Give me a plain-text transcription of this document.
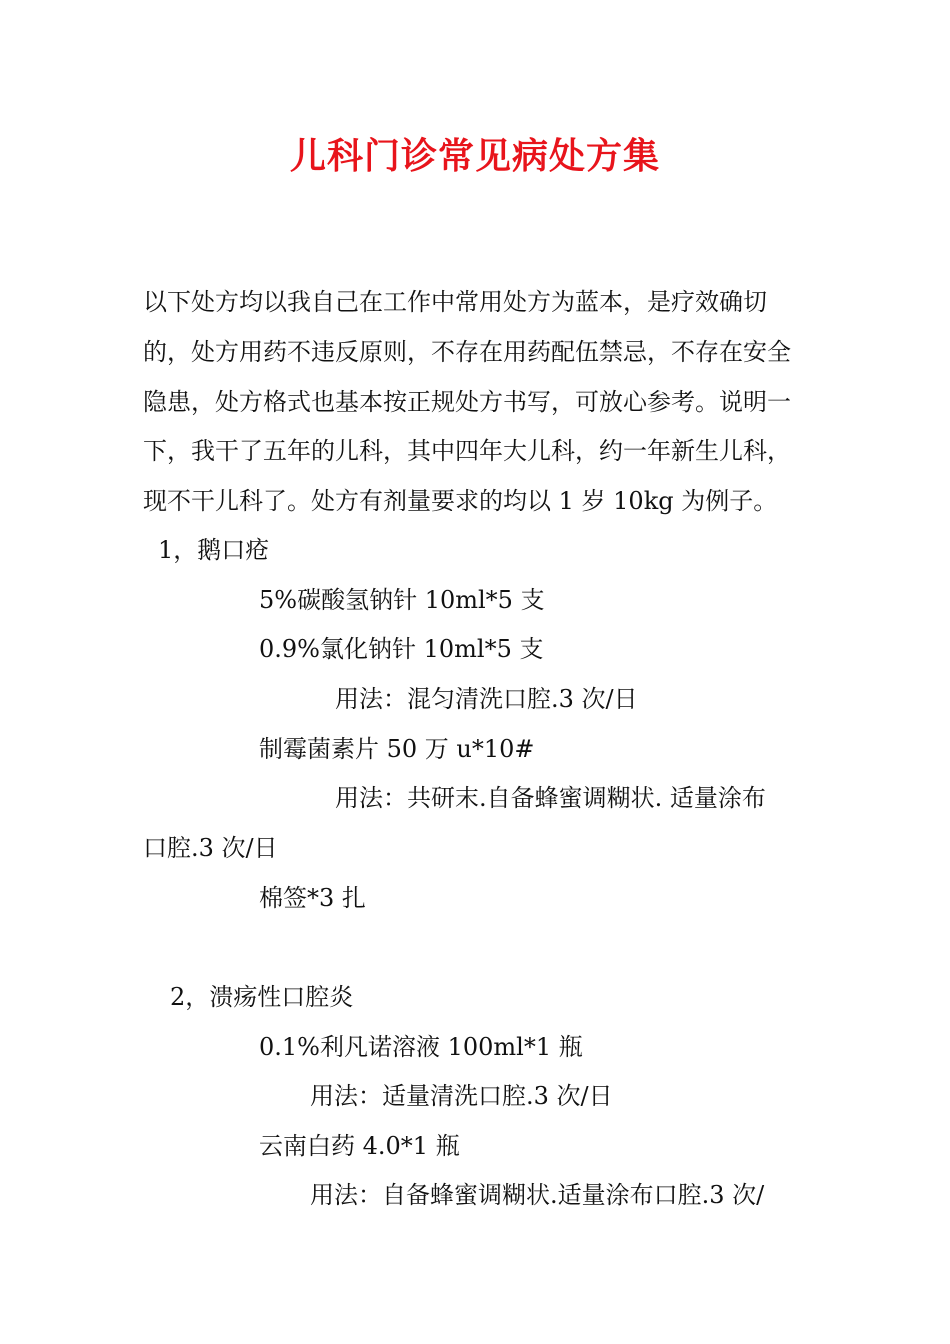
儿科门诊常见病处方集
以下处方均以我自己在工作中常用处方为蓝本，是疗效确切
的，处方用药不违反原则，不存在用药配伍禁忌，不存在安全
隐患，处方格式也基本按正规处方书写，可放心参考。说明一
下，我干了五年的儿科，其中四年大儿科，约一年新生儿科，
现不干儿科了。处方有剂量要求的均以 1 岁 10kg 为例子。
1，鹅口疮
5%碳酸氢钠针 10ml*5 支
0.9%氯化钠针 10ml*5 支
用法：混匀清洗口腔.3 次/日
制霉菌素片 50 万 u*10#
用法：共研末.自备蜂蜜调糊状. 适量涂布
口腔.3 次/日
棉签*3 扎
2，溃疡性口腔炎
0.1%利凡诺溶液 100ml*1 瓶
用法：适量清洗口腔.3 次/日
云南白药 4.0*1 瓶
用法：自备蜂蜜调糊状.适量涂布口腔.3 次/
